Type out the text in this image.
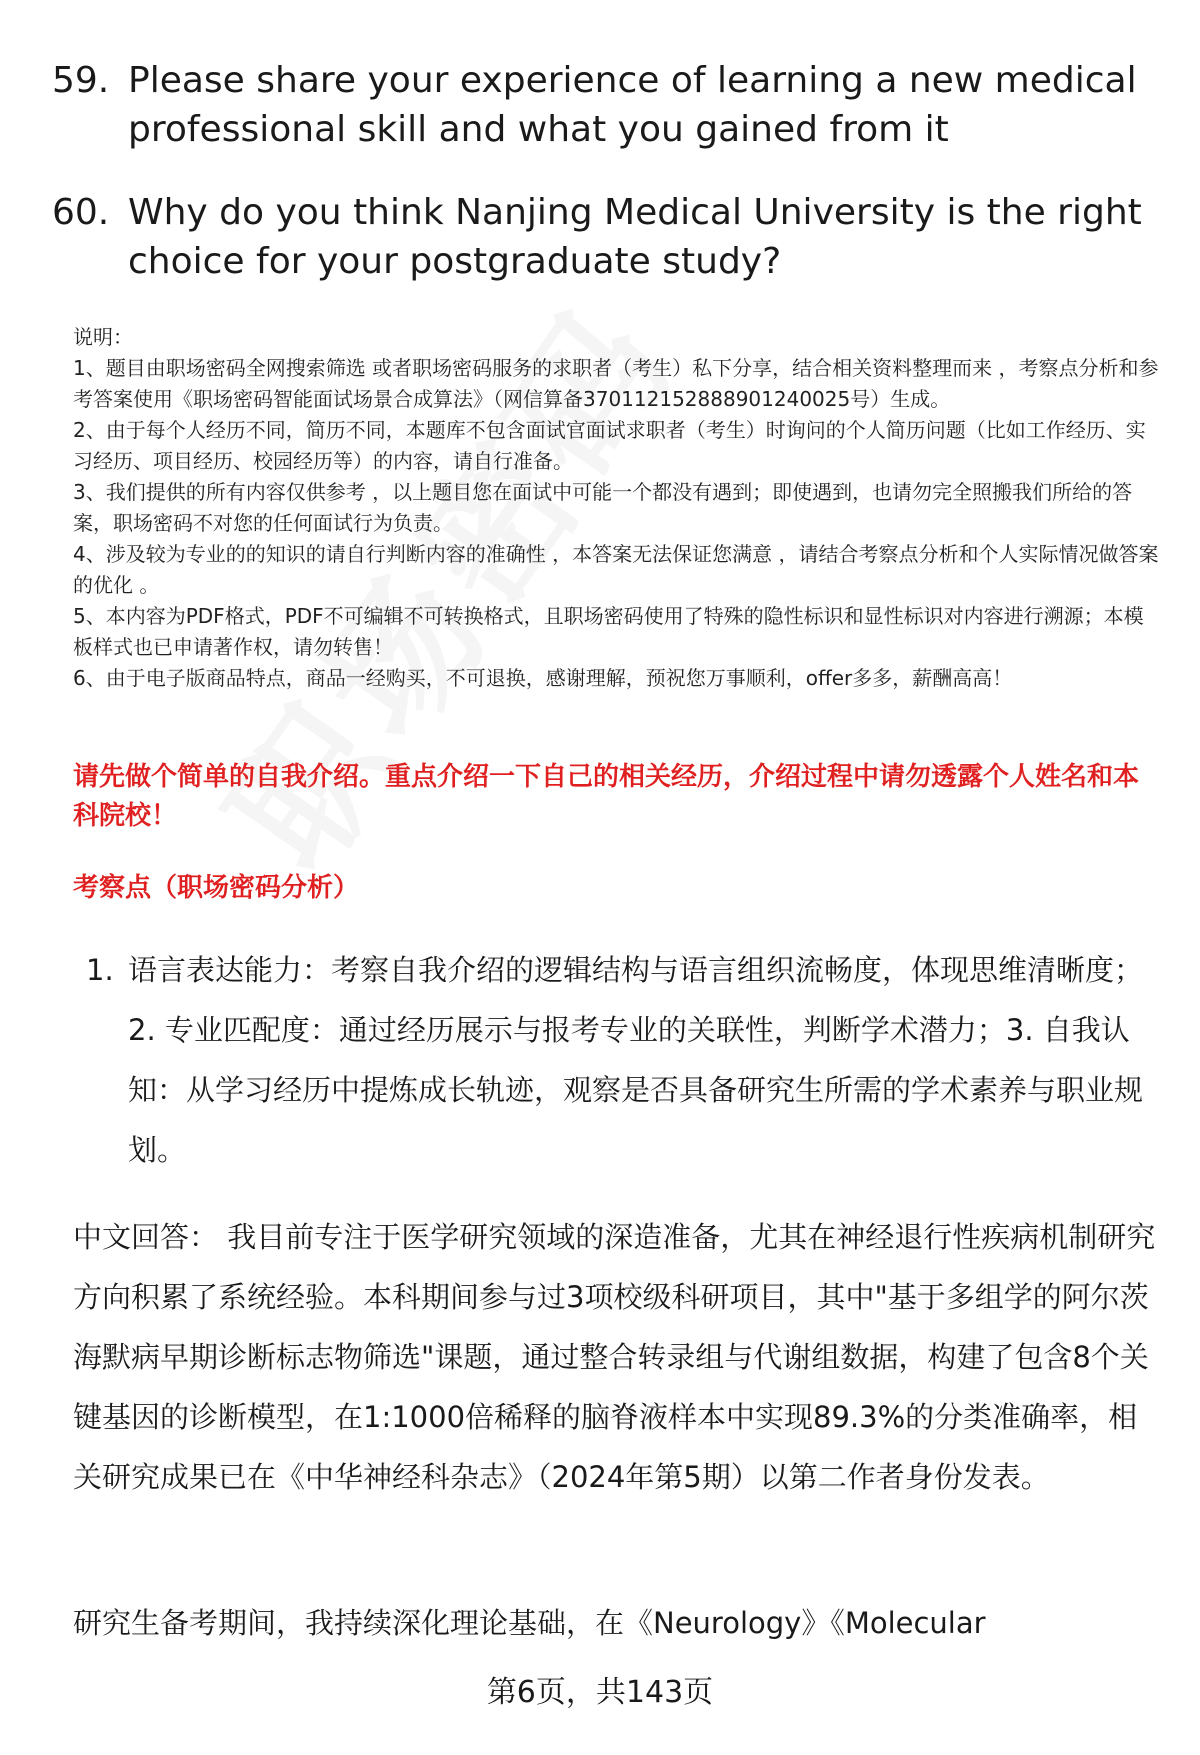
59. Please share your experience of learning a new medical professional skill and what you gained from it
60. Why do you think Nanjing Medical University is the right choice for your postgraduate study?
说明：
1、题目由职场密码全网搜索筛选 或者职场密码服务的求职者（考生）私下分享，结合相关资料整理而来 ，考察点分析和参考答案使用《职场密码智能面试场景合成算法》（网信算备370112152888901240025号）生成。
2、由于每个人经历不同，简历不同，本题库不包含面试官面试求职者（考生）时询问的个人简历问题（比如工作经历、实习经历、项目经历、校园经历等）的内容，请自行准备。
3、我们提供的所有内容仅供参考 ，以上题目您在面试中可能一个都没有遇到；即使遇到，也请勿完全照搬我们所给的答案，职场密码不对您的任何面试行为负责。
4、涉及较为专业的的知识的请自行判断内容的准确性 ，本答案无法保证您满意 ，请结合考察点分析和个人实际情况做答案的优化 。
5、本内容为PDF格式，PDF不可编辑不可转换格式，且职场密码使用了特殊的隐性标识和显性标识对内容进行溯源；本模板样式也已申请著作权，请勿转售！
6、由于电子版商品特点，商品一经购买，不可退换，感谢理解，预祝您万事顺利，offer多多，薪酬高高！
请先做个简单的自我介绍。重点介绍一下自己的相关经历，介绍过程中请勿透露个人姓名和本科院校！
考察点（职场密码分析）
1. 语言表达能力：考察自我介绍的逻辑结构与语言组织流畅度，体现思维清晰度；2. 专业匹配度：通过经历展示与报考专业的关联性，判断学术潜力；3. 自我认知：从学习经历中提炼成长轨迹，观察是否具备研究生所需的学术素养与职业规划。
中文回答： 我目前专注于医学研究领域的深造准备，尤其在神经退行性疾病机制研究方向积累了系统经验。本科期间参与过3项校级科研项目，其中"基于多组学的阿尔茨海默病早期诊断标志物筛选"课题，通过整合转录组与代谢组数据，构建了包含8个关键基因的诊断模型，在1:1000倍稀释的脑脊液样本中实现89.3%的分类准确率，相关研究成果已在《中华神经科杂志》（2024年第5期）以第二作者身份发表。
研究生备考期间，我持续深化理论基础，在《Neurology》《Molecular
第6页，共143页
